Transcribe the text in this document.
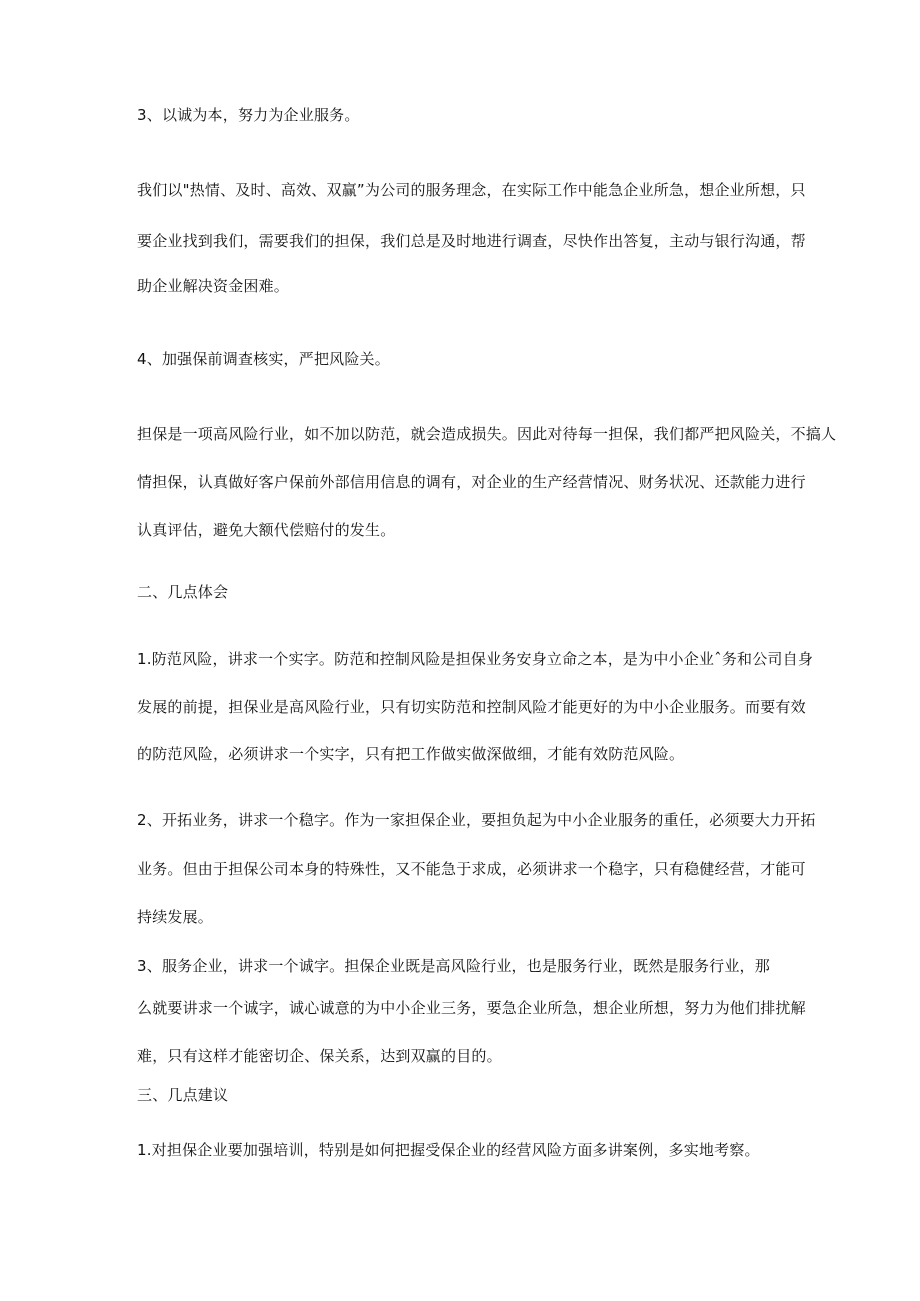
3、以诚为本，努力为企业服务。

我们以"热情、及时、高效、双赢”为公司的服务理念，在实际工作中能急企业所急，想企业所想，只

要企业找到我们，需要我们的担保，我们总是及时地进行调查，尽快作出答复，主动与银行沟通，帮

助企业解决资金困难。

4、加强保前调查核实，严把风险关。

担保是一项高风险行业，如不加以防范，就会造成损失。因此对待每一担保，我们都严把风险关，不搞人

情担保，认真做好客户保前外部信用信息的调有，对企业的生产经营情况、财务状况、还款能力进行

认真评估，避免大额代偿赔付的发生。

二、几点体会

1.防范风险，讲求一个实字。防范和控制风险是担保业务安身立命之本，是为中小企业ˆ务和公司自身

发展的前提，担保业是高风险行业，只有切实防范和控制风险才能更好的为中小企业服务。而要有效

的防范风险，必须讲求一个实字，只有把工作做实做深做细，才能有效防范风险。

2、开拓业务，讲求一个稳字。作为一家担保企业，要担负起为中小企业服务的重任，必须要大力开拓

业务。但由于担保公司本身的特殊性，又不能急于求成，必须讲求一个稳字，只有稳健经营，才能可

持续发展。

3、服务企业，讲求一个诚字。担保企业既是高风险行业，也是服务行业，既然是服务行业，那

么就要讲求一个诚字，诚心诚意的为中小企业三务，要急企业所急，想企业所想，努力为他们排扰解

难，只有这样才能密切企、保关系，达到双赢的目的。

三、几点建议

1.对担保企业要加强培训，特别是如何把握受保企业的经营风险方面多讲案例，多实地考察。
